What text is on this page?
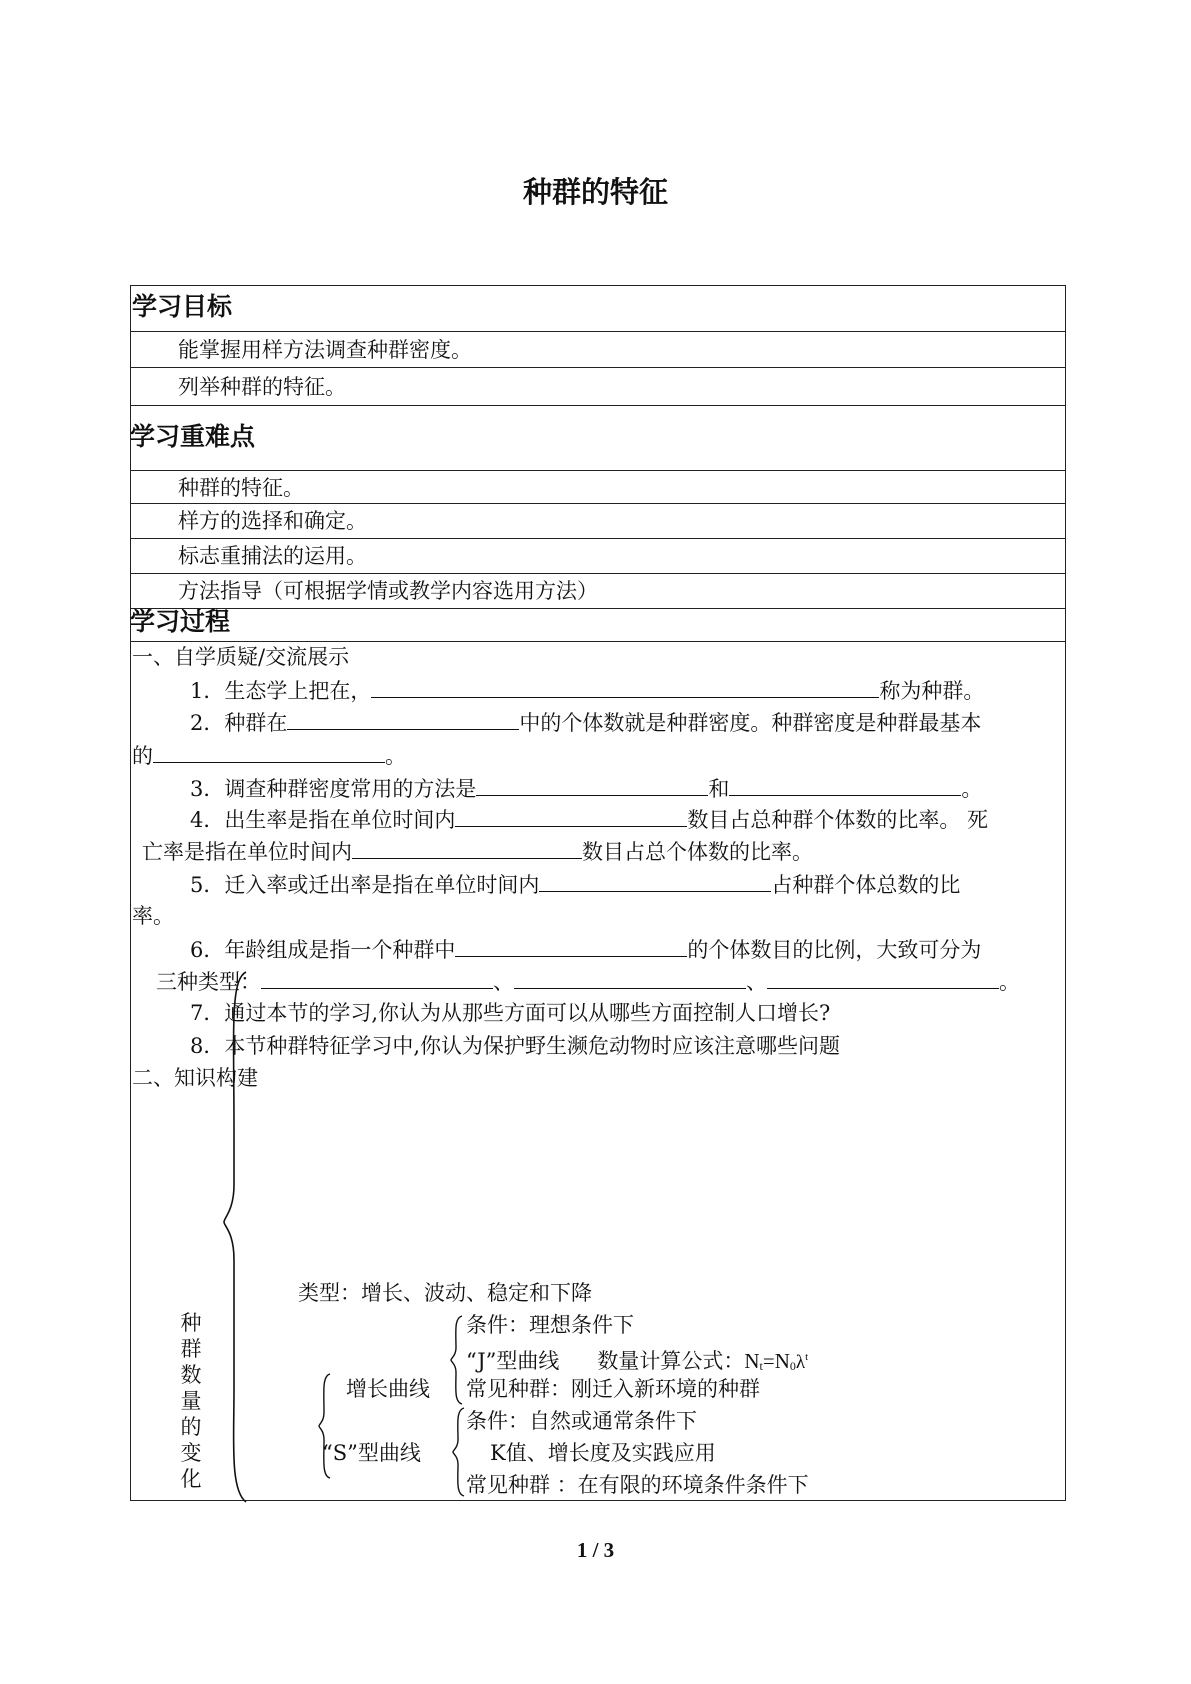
种群的特征
学习目标
能掌握用样方法调查种群密度。
列举种群的特征。
学习重难点
种群的特征。
样方的选择和确定。
标志重捕法的运用。
方法指导（可根据学情或教学内容选用方法）
学习过程
一、自学质疑/交流展示
1．生态学上把在，	称为种群。
2．种群在	中的个体数就是种群密度。种群密度是种群最基本
的	。
3．调查种群密度常用的方法是	和	。
4．出生率是指在单位时间内	数目占总种群个体数的比率。 死
亡率是指在单位时间内	数目占总个体数的比率。
5．迁入率或迁出率是指在单位时间内	占种群个体总数的比
率。
6．年龄组成是指一个种群中	的个体数目的比例，大致可分为
三种类型：	、	、	。
7．通过本节的学习,你认为从那些方面可以从哪些方面控制人口增长?
8．本节种群特征学习中,你认为保护野生濒危动物时应该注意哪些问题
二、知识构建
种群数量的变化
类型：增长、波动、稳定和下降
增长曲线
条件：理想条件下
“J”型曲线 数量计算公式：$N_t=N_0\lambda^t$
常见种群：刚迁入新环境的种群
“S”型曲线
条件：自然或通常条件下
K值、增长度及实践应用
常见种群 ：在有限的环境条件条件下
1 / 3
